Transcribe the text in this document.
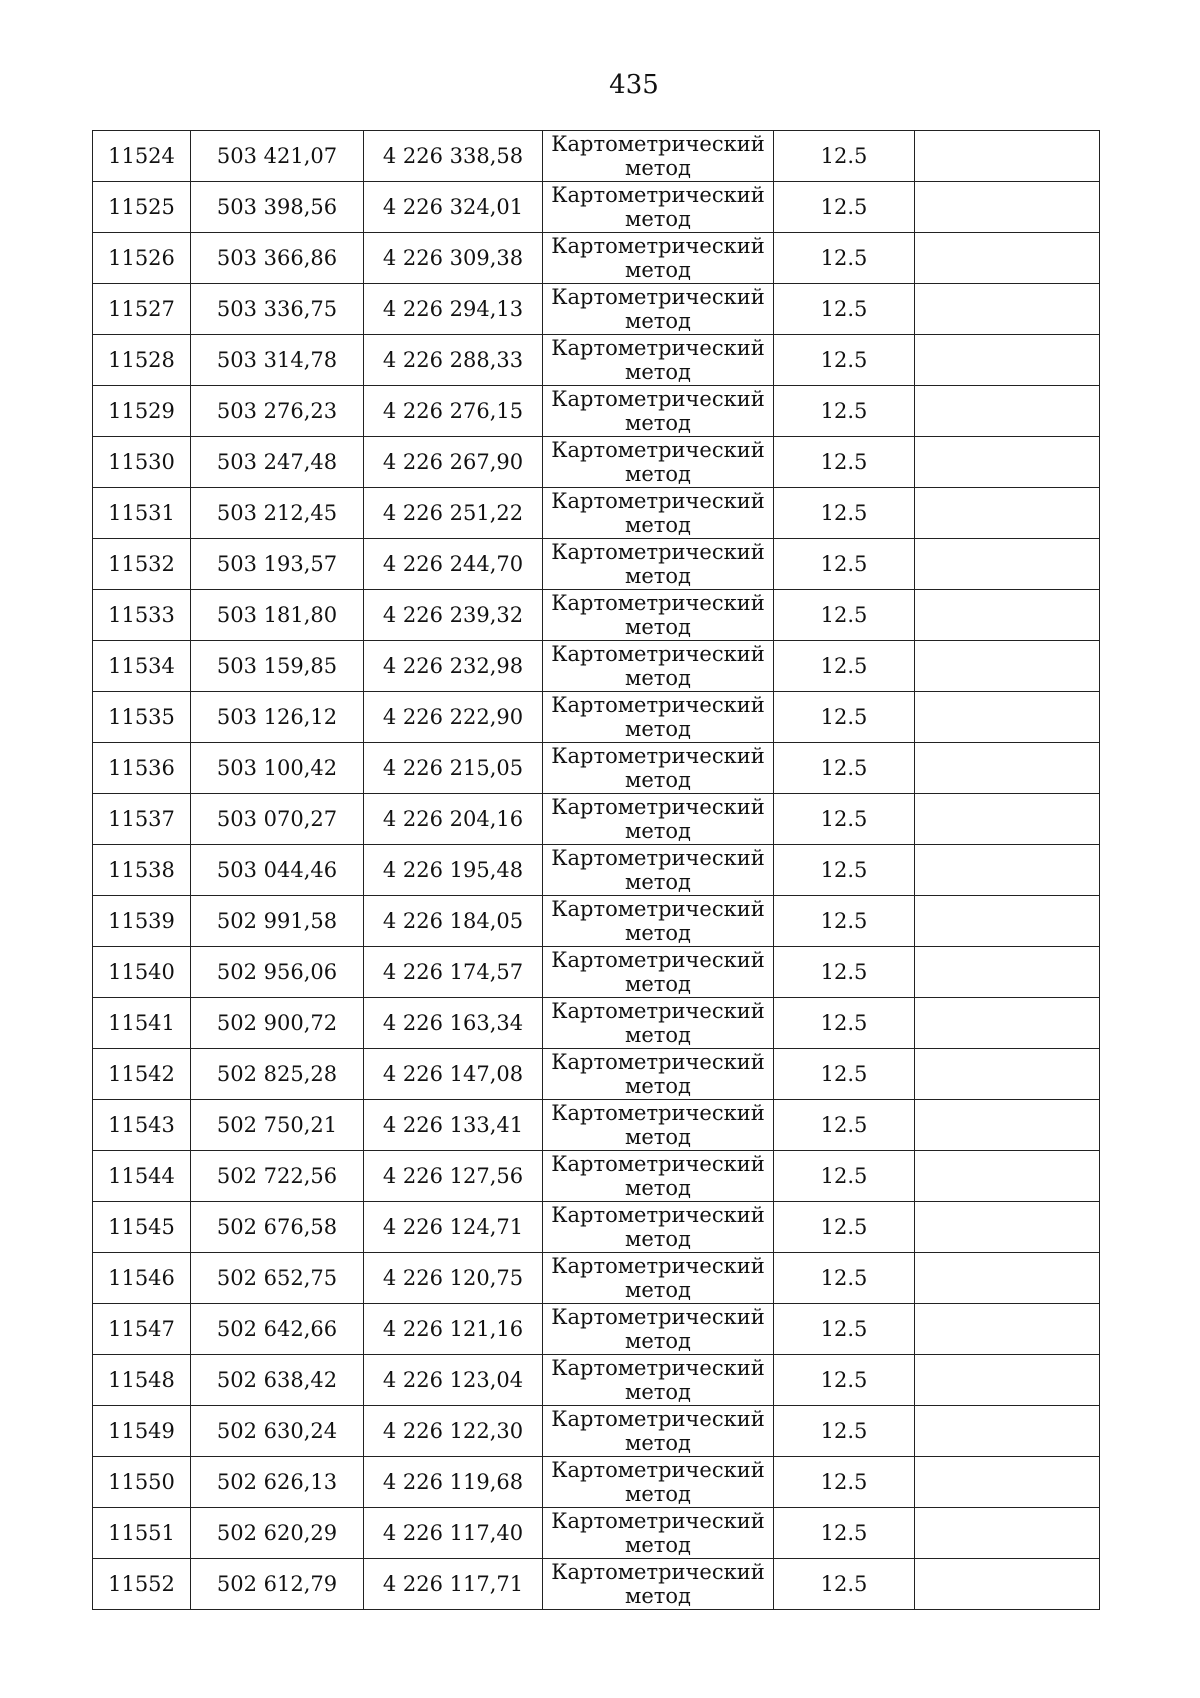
435
11524	503 421,07	4 226 338,58	Картометрический
метод	12.5	
11525	503 398,56	4 226 324,01	Картометрический
метод	12.5	
11526	503 366,86	4 226 309,38	Картометрический
метод	12.5	
11527	503 336,75	4 226 294,13	Картометрический
метод	12.5	
11528	503 314,78	4 226 288,33	Картометрический
метод	12.5	
11529	503 276,23	4 226 276,15	Картометрический
метод	12.5	
11530	503 247,48	4 226 267,90	Картометрический
метод	12.5	
11531	503 212,45	4 226 251,22	Картометрический
метод	12.5	
11532	503 193,57	4 226 244,70	Картометрический
метод	12.5	
11533	503 181,80	4 226 239,32	Картометрический
метод	12.5	
11534	503 159,85	4 226 232,98	Картометрический
метод	12.5	
11535	503 126,12	4 226 222,90	Картометрический
метод	12.5	
11536	503 100,42	4 226 215,05	Картометрический
метод	12.5	
11537	503 070,27	4 226 204,16	Картометрический
метод	12.5	
11538	503 044,46	4 226 195,48	Картометрический
метод	12.5	
11539	502 991,58	4 226 184,05	Картометрический
метод	12.5	
11540	502 956,06	4 226 174,57	Картометрический
метод	12.5	
11541	502 900,72	4 226 163,34	Картометрический
метод	12.5	
11542	502 825,28	4 226 147,08	Картометрический
метод	12.5	
11543	502 750,21	4 226 133,41	Картометрический
метод	12.5	
11544	502 722,56	4 226 127,56	Картометрический
метод	12.5	
11545	502 676,58	4 226 124,71	Картометрический
метод	12.5	
11546	502 652,75	4 226 120,75	Картометрический
метод	12.5	
11547	502 642,66	4 226 121,16	Картометрический
метод	12.5	
11548	502 638,42	4 226 123,04	Картометрический
метод	12.5	
11549	502 630,24	4 226 122,30	Картометрический
метод	12.5	
11550	502 626,13	4 226 119,68	Картометрический
метод	12.5	
11551	502 620,29	4 226 117,40	Картометрический
метод	12.5	
11552	502 612,79	4 226 117,71	Картометрический
метод	12.5	
